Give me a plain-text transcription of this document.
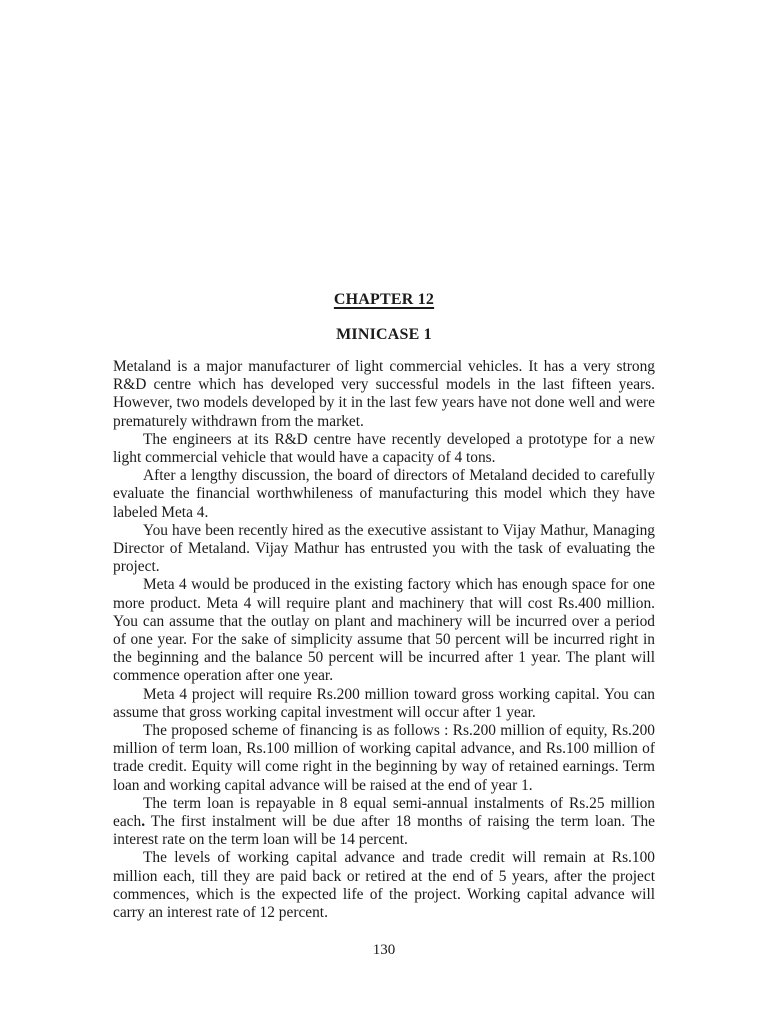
CHAPTER 12
MINICASE 1

Metaland is a major manufacturer of light commercial vehicles. It has a very strong R&D centre which has developed very successful models in the last fifteen years. However, two models developed by it in the last few years have not done well and were prematurely withdrawn from the market.

The engineers at its R&D centre have recently developed a prototype for a new light commercial vehicle that would have a capacity of 4 tons.

After a lengthy discussion, the board of directors of Metaland decided to carefully evaluate the financial worthwhileness of manufacturing this model which they have labeled Meta 4.

You have been recently hired as the executive assistant to Vijay Mathur, Managing Director of Metaland. Vijay Mathur has entrusted you with the task of evaluating the project.

Meta 4 would be produced in the existing factory which has enough space for one more product. Meta 4 will require plant and machinery that will cost Rs.400 million. You can assume that the outlay on plant and machinery will be incurred over a period of one year. For the sake of simplicity assume that 50 percent will be incurred right in the beginning and the balance 50 percent will be incurred after 1 year. The plant will commence operation after one year.

Meta 4 project will require Rs.200 million toward gross working capital. You can assume that gross working capital investment will occur after 1 year.

The proposed scheme of financing is as follows : Rs.200 million of equity, Rs.200 million of term loan, Rs.100 million of working capital advance, and Rs.100 million of trade credit. Equity will come right in the beginning by way of retained earnings. Term loan and working capital advance will be raised at the end of year 1.

The term loan is repayable in 8 equal semi-annual instalments of Rs.25 million each. The first instalment will be due after 18 months of raising the term loan. The interest rate on the term loan will be 14 percent.

The levels of working capital advance and trade credit will remain at Rs.100 million each, till they are paid back or retired at the end of 5 years, after the project commences, which is the expected life of the project. Working capital advance will carry an interest rate of 12 percent.

130
